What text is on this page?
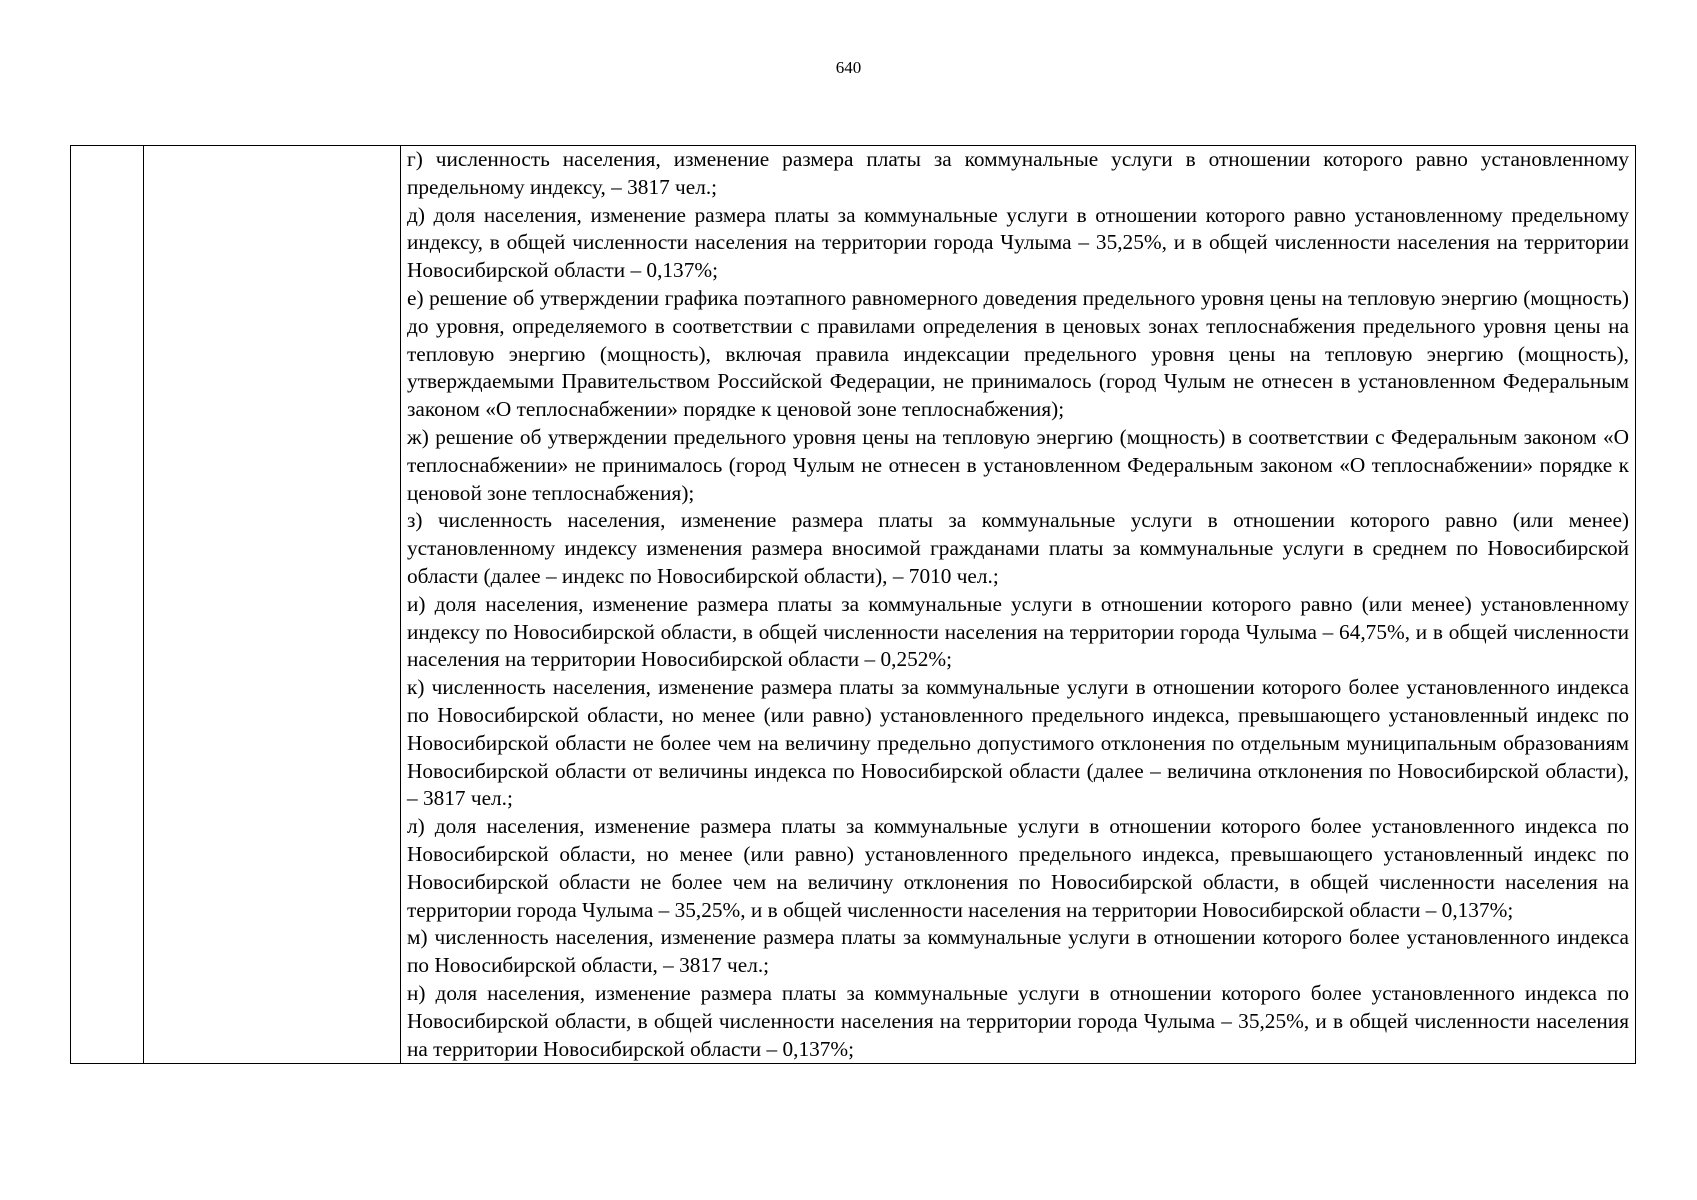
640

г) численность населения, изменение размера платы за коммунальные услуги в отношении которого равно установленному предельному индексу, – 3817 чел.;

д) доля населения, изменение размера платы за коммунальные услуги в отношении которого равно установленному предельному индексу, в общей численности населения на территории города Чулыма – 35,25%, и в общей численности населения на территории Новосибирской области – 0,137%;

е) решение об утверждении графика поэтапного равномерного доведения предельного уровня цены на тепловую энергию (мощность) до уровня, определяемого в соответствии с правилами определения в ценовых зонах теплоснабжения предельного уровня цены на тепловую энергию (мощность), включая правила индексации предельного уровня цены на тепловую энергию (мощность), утверждаемыми Правительством Российской Федерации, не принималось (город Чулым не отнесен в установленном Федеральным законом «О теплоснабжении» порядке к ценовой зоне теплоснабжения);

ж) решение об утверждении предельного уровня цены на тепловую энергию (мощность) в соответствии с Федеральным законом «О теплоснабжении» не принималось (город Чулым не отнесен в установленном Федеральным законом «О теплоснабжении» порядке к ценовой зоне теплоснабжения);

з) численность населения, изменение размера платы за коммунальные услуги в отношении которого равно (или менее) установленному индексу изменения размера вносимой гражданами платы за коммунальные услуги в среднем по Новосибирской области (далее – индекс по Новосибирской области), – 7010 чел.;

и) доля населения, изменение размера платы за коммунальные услуги в отношении которого равно (или менее) установленному индексу по Новосибирской области, в общей численности населения на территории города Чулыма – 64,75%, и в общей численности населения на территории Новосибирской области – 0,252%;

к) численность населения, изменение размера платы за коммунальные услуги в отношении которого более установленного индекса по Новосибирской области, но менее (или равно) установленного предельного индекса, превышающего установленный индекс по Новосибирской области не более чем на величину предельно допустимого отклонения по отдельным муниципальным образованиям Новосибирской области от величины индекса по Новосибирской области (далее – величина отклонения по Новосибирской области), – 3817 чел.;

л) доля населения, изменение размера платы за коммунальные услуги в отношении которого более установленного индекса по Новосибирской области, но менее (или равно) установленного предельного индекса, превышающего установленный индекс по Новосибирской области не более чем на величину отклонения по Новосибирской области, в общей численности населения на территории города Чулыма – 35,25%, и в общей численности населения на территории Новосибирской области – 0,137%;

м) численность населения, изменение размера платы за коммунальные услуги в отношении которого более установленного индекса по Новосибирской области, – 3817 чел.;

н) доля населения, изменение размера платы за коммунальные услуги в отношении которого более установленного индекса по Новосибирской области, в общей численности населения на территории города Чулыма – 35,25%, и в общей численности населения на территории Новосибирской области – 0,137%;
